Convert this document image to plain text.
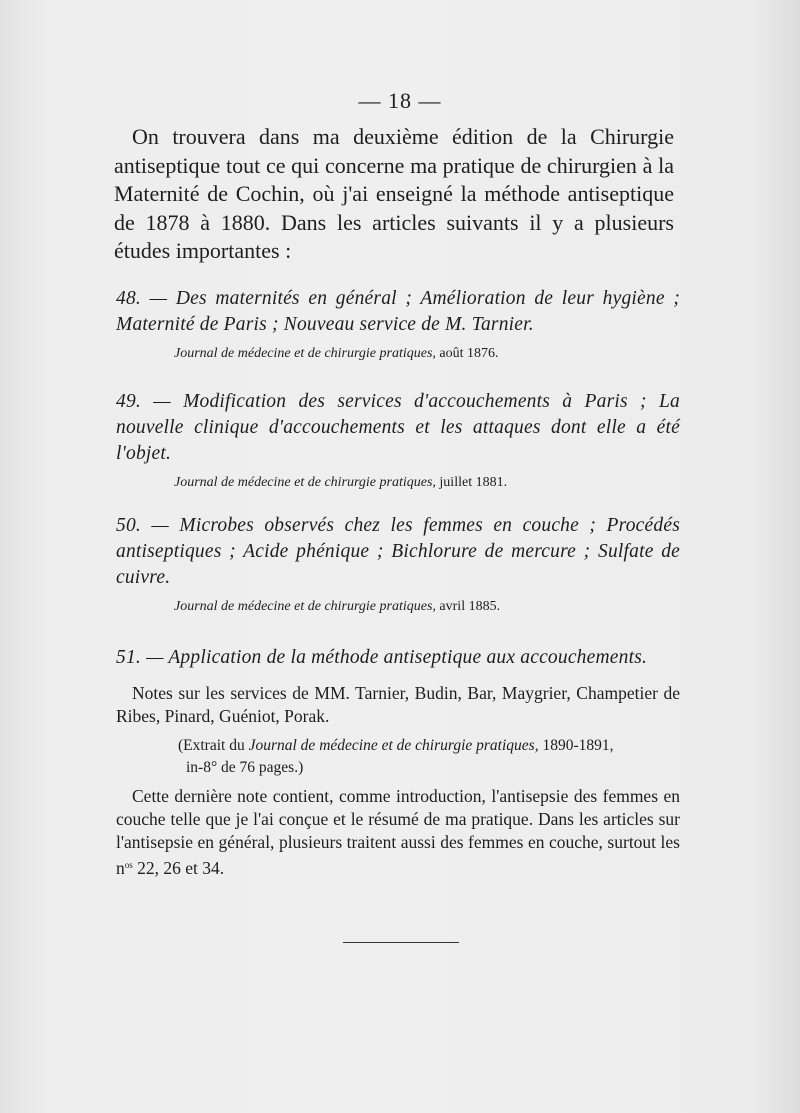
— 18 —
On trouvera dans ma deuxième édition de la Chirurgie antiseptique tout ce qui concerne ma pratique de chirurgien à la Maternité de Cochin, où j'ai enseigné la méthode antiseptique de 1878 à 1880. Dans les articles suivants il y a plusieurs études importantes :
48. — Des maternités en général ; Amélioration de leur hygiène ; Maternité de Paris ; Nouveau service de M. Tarnier.
Journal de médecine et de chirurgie pratiques, août 1876.
49. — Modification des services d'accouchements à Paris ; La nouvelle clinique d'accouchements et les attaques dont elle a été l'objet.
Journal de médecine et de chirurgie pratiques, juillet 1881.
50. — Microbes observés chez les femmes en couche ; Procédés antiseptiques ; Acide phénique ; Bichlorure de mercure ; Sulfate de cuivre.
Journal de médecine et de chirurgie pratiques, avril 1885.
51. — Application de la méthode antiseptique aux accouchements.
Notes sur les services de MM. Tarnier, Budin, Bar, Maygrier, Champetier de Ribes, Pinard, Guéniot, Porak.
(Extrait du Journal de médecine et de chirurgie pratiques, 1890-1891,
in-8° de 76 pages.)
Cette dernière note contient, comme introduction, l'antisepsie des femmes en couche telle que je l'ai conçue et le résumé de ma pratique. Dans les articles sur l'antisepsie en général, plusieurs traitent aussi des femmes en couche, surtout les $n^{os}$ 22, 26 et 34.
